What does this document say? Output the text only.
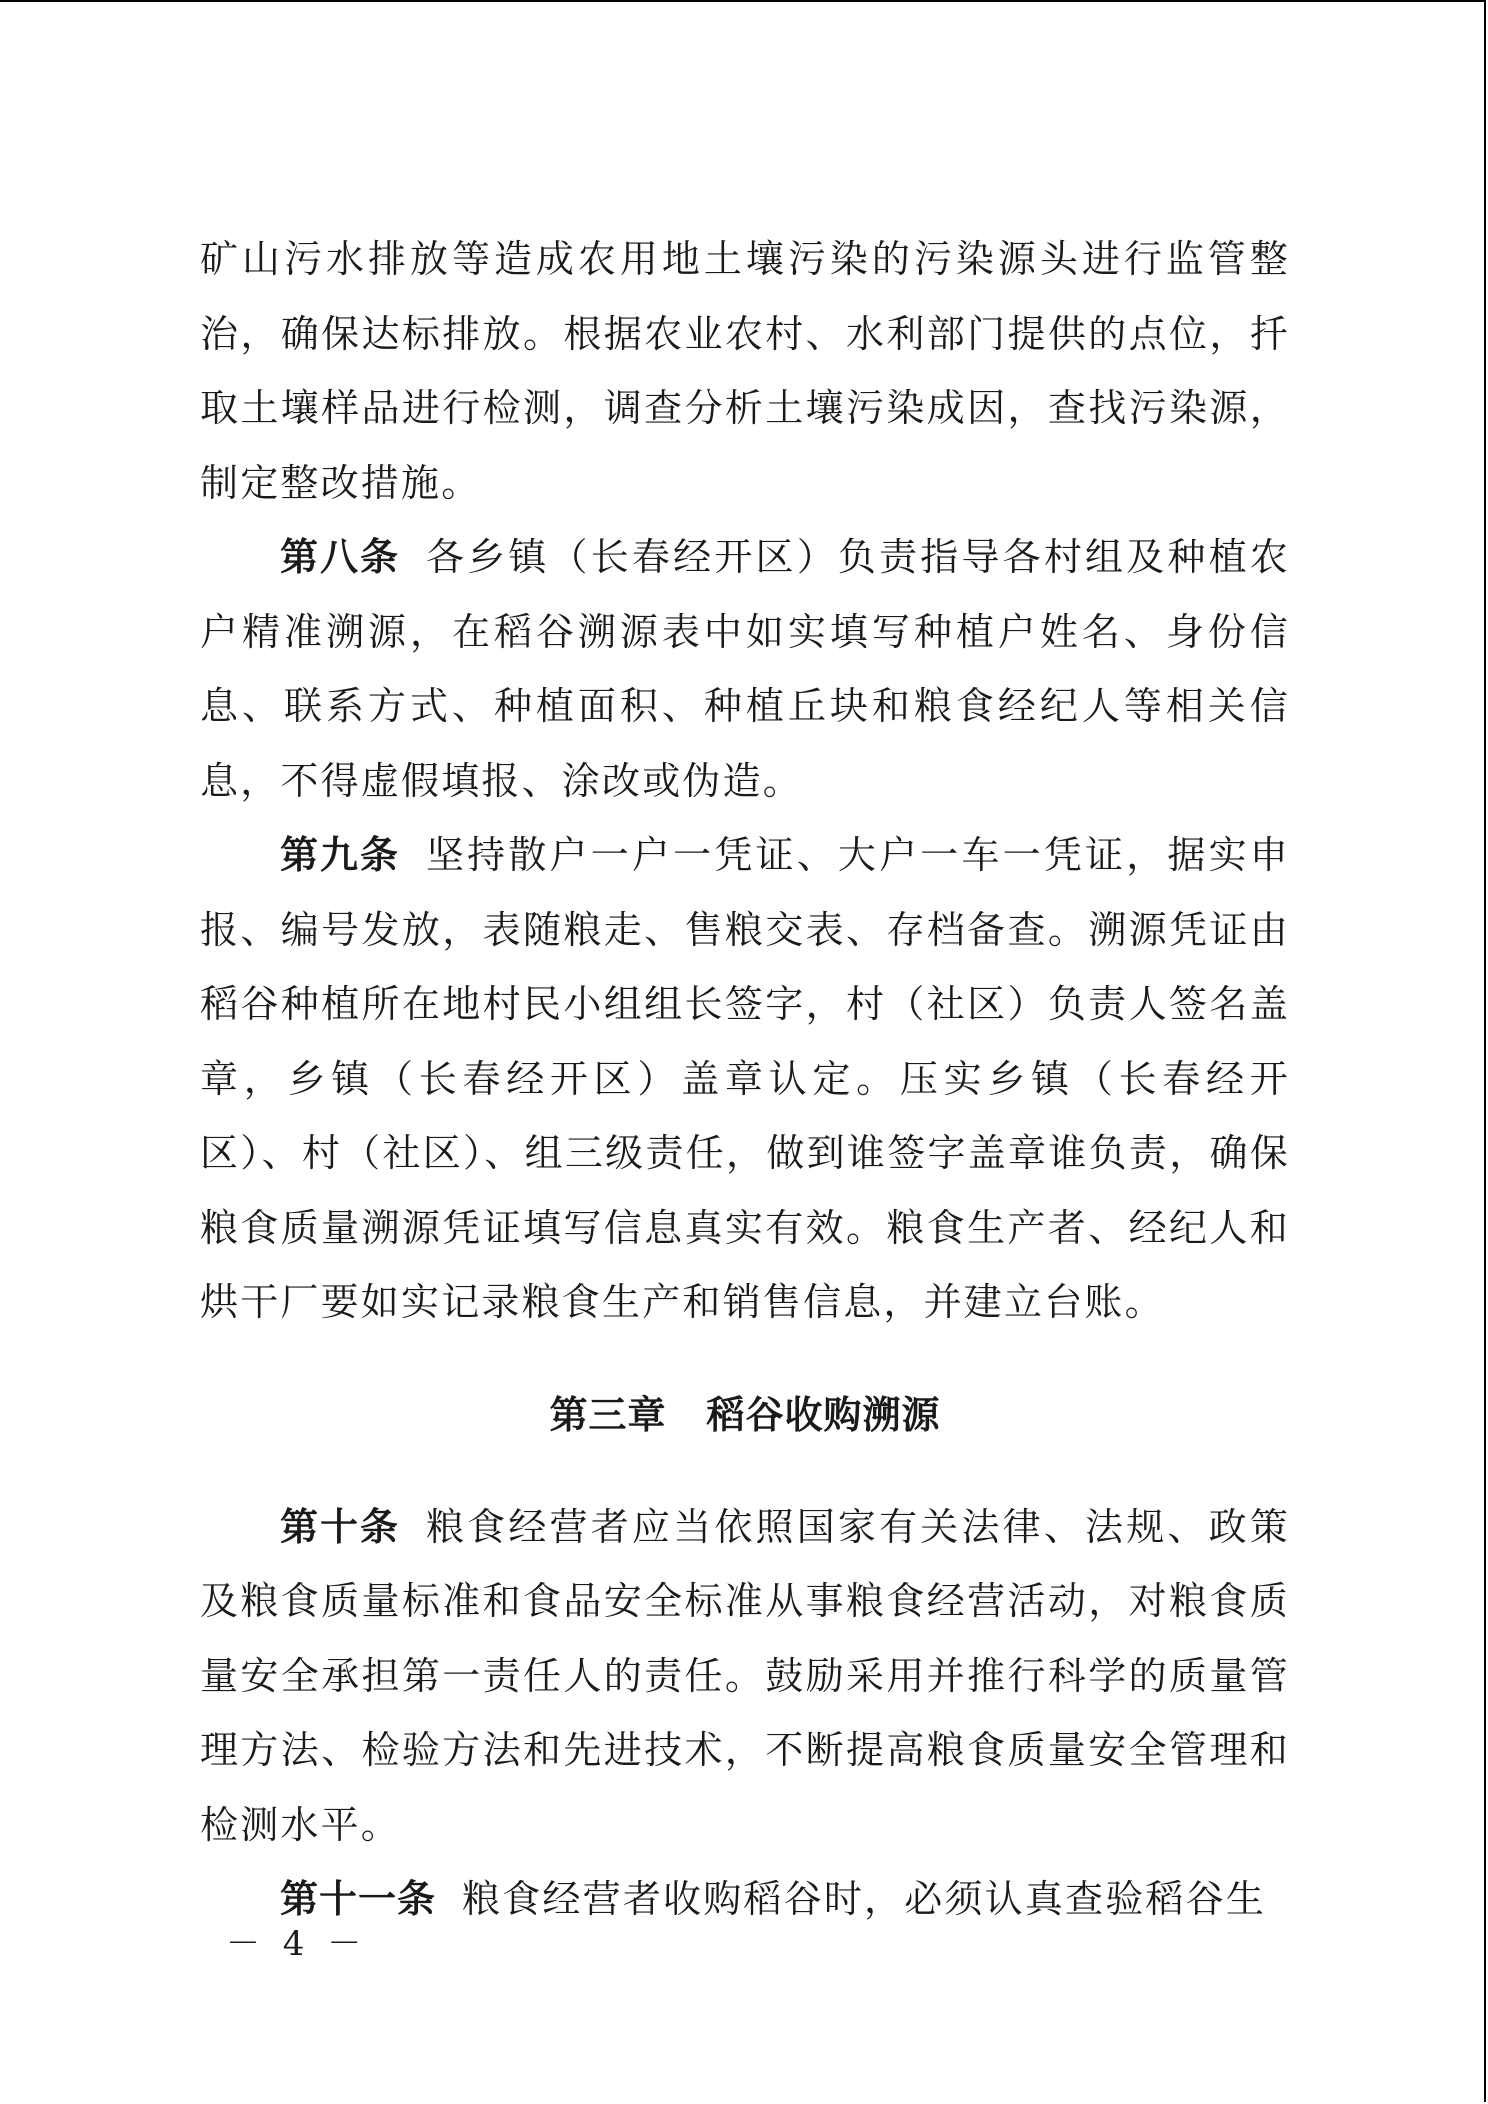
矿山污水排放等造成农用地土壤污染的污染源头进行监管整治，确保达标排放。根据农业农村、水利部门提供的点位，扦取土壤样品进行检测，调查分析土壤污染成因，查找污染源，制定整改措施。

第八条 各乡镇（长春经开区）负责指导各村组及种植农户精准溯源，在稻谷溯源表中如实填写种植户姓名、身份信息、联系方式、种植面积、种植丘块和粮食经纪人等相关信息，不得虚假填报、涂改或伪造。

第九条 坚持散户一户一凭证、大户一车一凭证，据实申报、编号发放，表随粮走、售粮交表、存档备查。溯源凭证由稻谷种植所在地村民小组组长签字，村（社区）负责人签名盖章，乡镇（长春经开区）盖章认定。压实乡镇（长春经开区）、村（社区）、组三级责任，做到谁签字盖章谁负责，确保粮食质量溯源凭证填写信息真实有效。粮食生产者、经纪人和烘干厂要如实记录粮食生产和销售信息，并建立台账。

第三章 稻谷收购溯源

第十条 粮食经营者应当依照国家有关法律、法规、政策及粮食质量标准和食品安全标准从事粮食经营活动，对粮食质量安全承担第一责任人的责任。鼓励采用并推行科学的质量管理方法、检验方法和先进技术，不断提高粮食质量安全管理和检测水平。

第十一条 粮食经营者收购稻谷时，必须认真查验稻谷生

－ 4 －
